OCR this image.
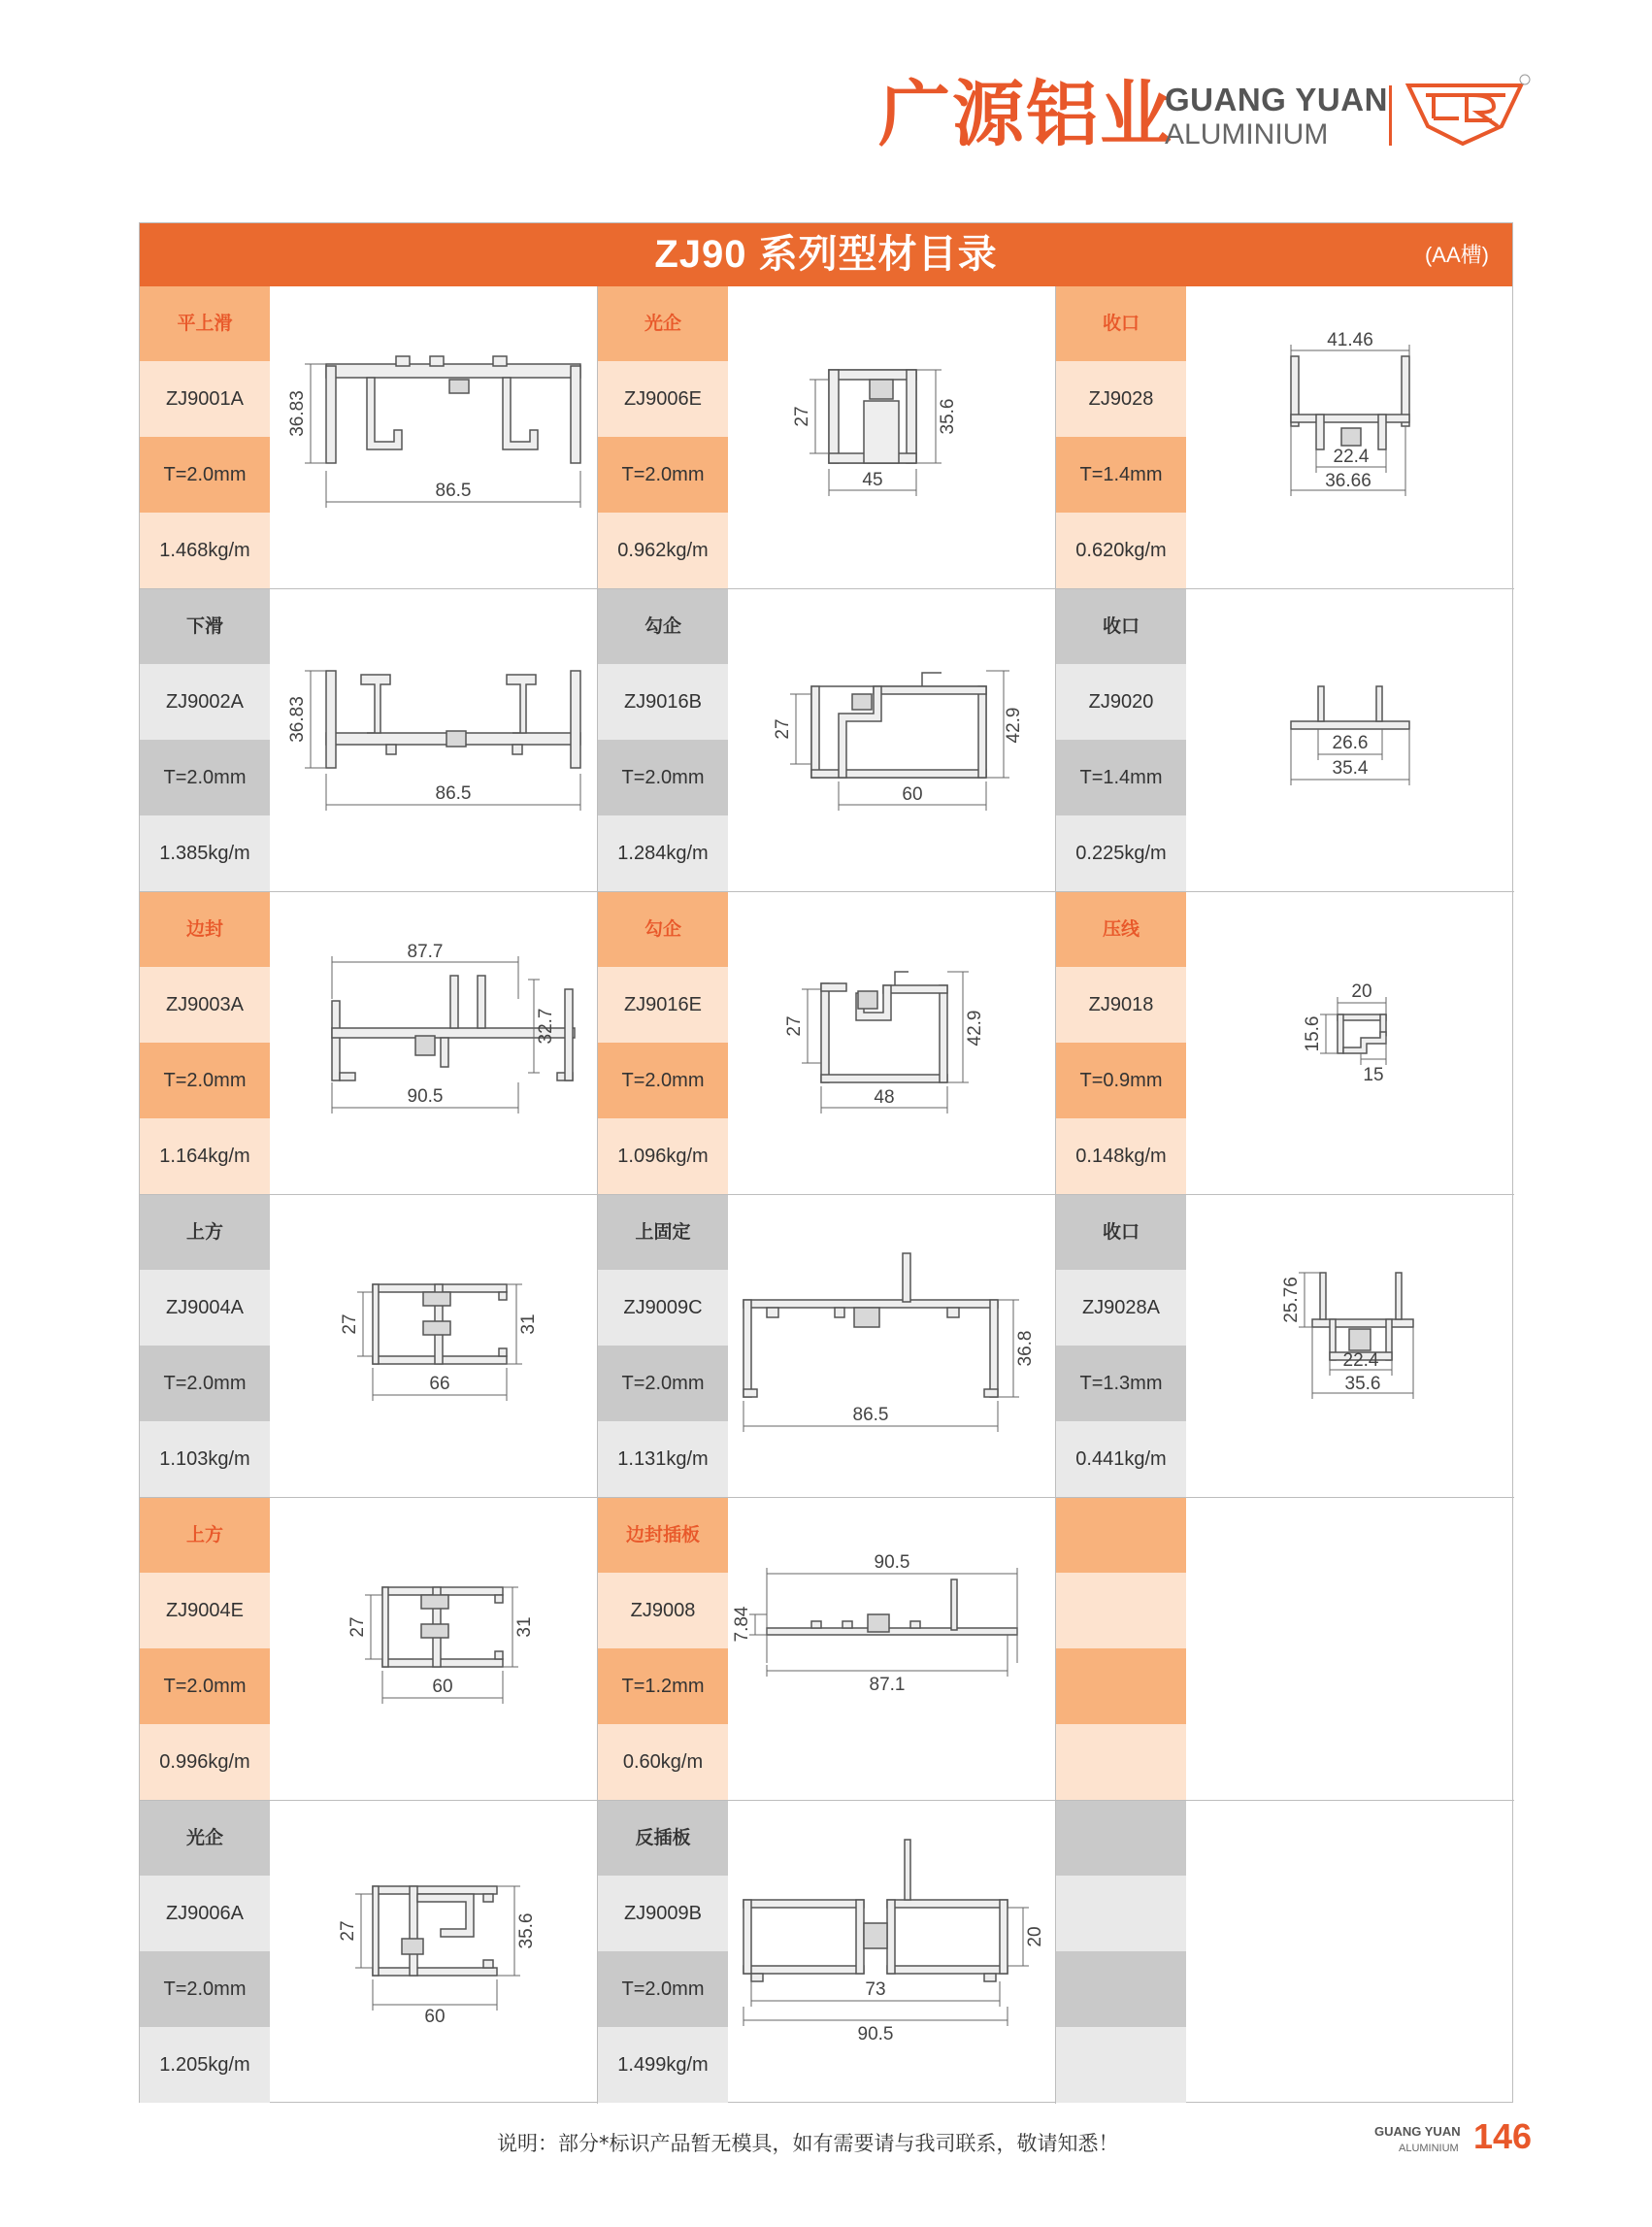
广源铝业
GUANG YUAN
ALUMINIUM
ZJ90 系列型材目录	(AA槽)
平上滑
ZJ9001A
T=2.0mm
1.468kg/m
36.83
86.5
光企
ZJ9006E
T=2.0mm
0.962kg/m
27	35.6
45
收口
ZJ9028
T=1.4mm
0.620kg/m
41.46
22.4
36.66
下滑
ZJ9002A
T=2.0mm
1.385kg/m
36.83
86.5
勾企
ZJ9016B
T=2.0mm
1.284kg/m
27	42.9
60
收口
ZJ9020
T=1.4mm
0.225kg/m
26.6
35.4
边封
ZJ9003A
T=2.0mm
1.164kg/m
87.7
32.7
90.5
勾企
ZJ9016E
T=2.0mm
1.096kg/m
27	42.9
48
压线
ZJ9018
T=0.9mm
0.148kg/m
20
15.6
15
上方
ZJ9004A
T=2.0mm
1.103kg/m
27	31
66
上固定
ZJ9009C
T=2.0mm
1.131kg/m
36.8
86.5
收口
ZJ9028A
T=1.3mm
0.441kg/m
25.76
22.4
35.6
上方
ZJ9004E
T=2.0mm
0.996kg/m
27	31
60
边封插板
ZJ9008
T=1.2mm
0.60kg/m
90.5
7.84
87.1
光企
ZJ9006A
T=2.0mm
1.205kg/m
27	35.6
60
反插板
ZJ9009B
T=2.0mm
1.499kg/m
20
73
90.5
说明：部分*标识产品暂无模具，如有需要请与我司联系，敬请知悉！
GUANG YUAN
ALUMINIUM 146
